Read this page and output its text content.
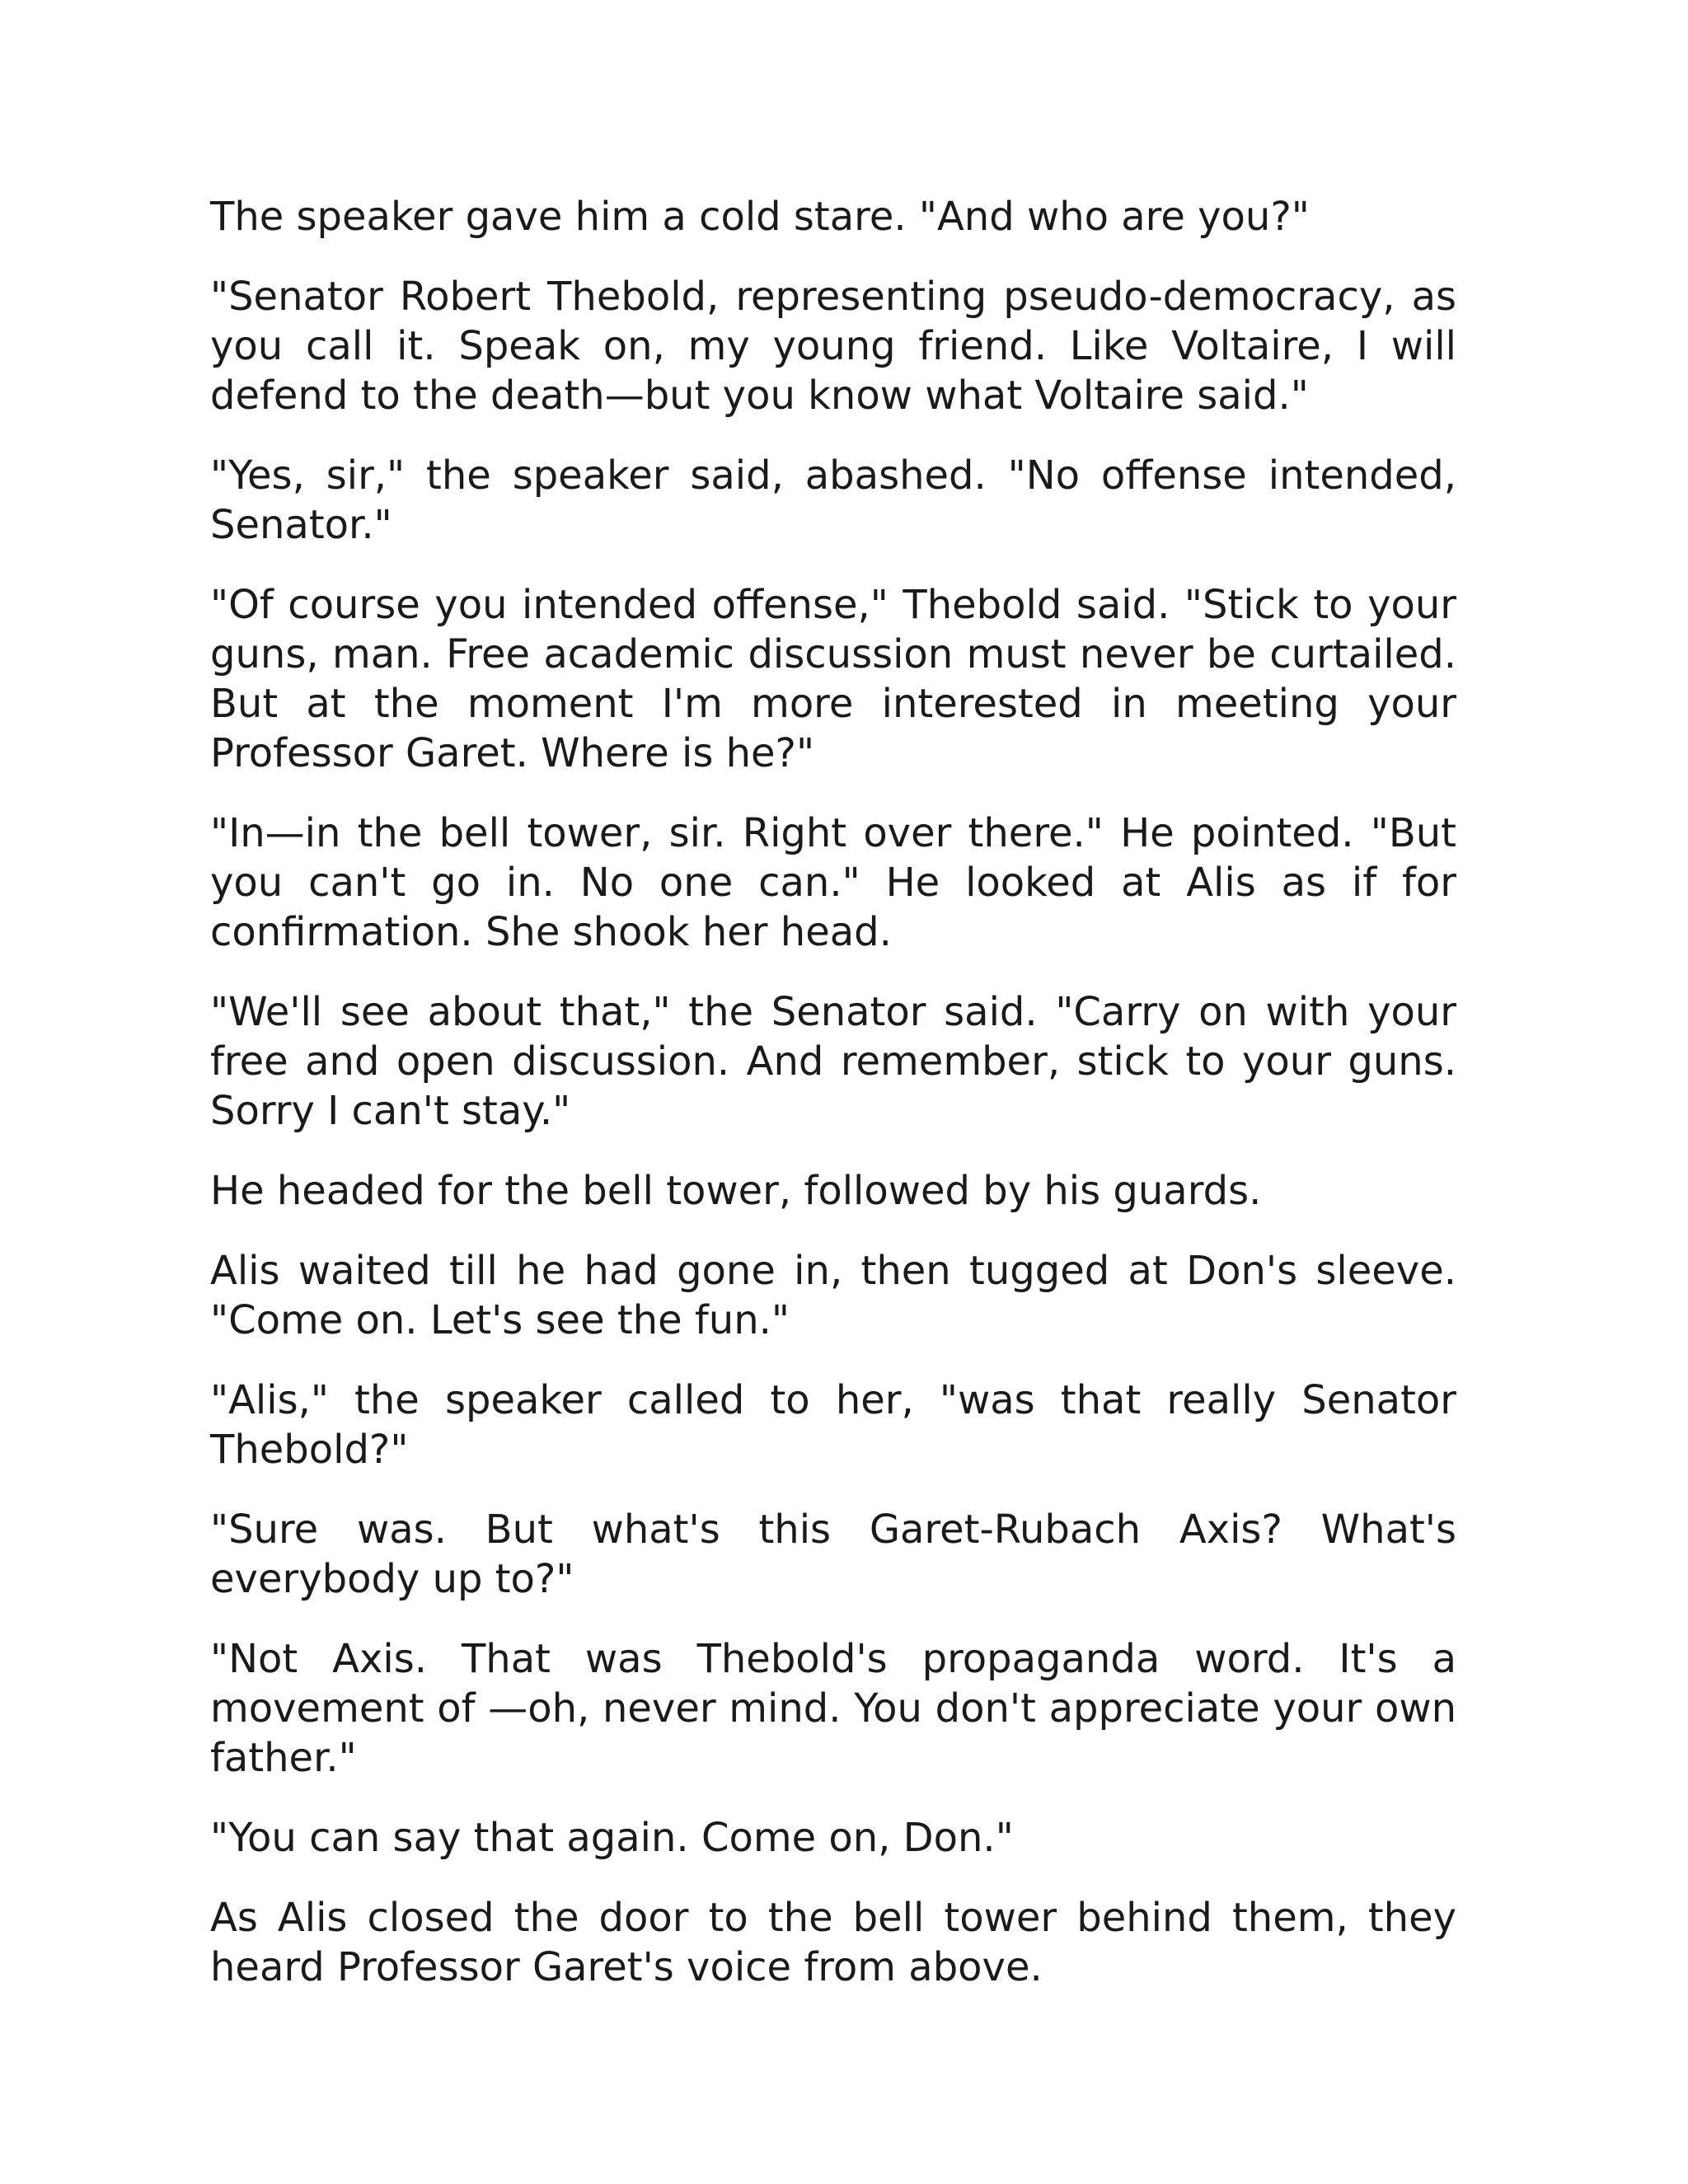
The speaker gave him a cold stare. "And who are you?"

"Senator Robert Thebold, representing pseudo-democracy, as you call it. Speak on, my young friend. Like Voltaire, I will defend to the death—but you know what Voltaire said."

"Yes, sir," the speaker said, abashed. "No offense intended, Senator."

"Of course you intended offense," Thebold said. "Stick to your guns, man. Free academic discussion must never be curtailed. But at the moment I'm more interested in meeting your Professor Garet. Where is he?"

"In—in the bell tower, sir. Right over there." He pointed. "But you can't go in. No one can." He looked at Alis as if for confirmation. She shook her head.

"We'll see about that," the Senator said. "Carry on with your free and open discussion. And remember, stick to your guns. Sorry I can't stay."

He headed for the bell tower, followed by his guards.

Alis waited till he had gone in, then tugged at Don's sleeve. "Come on. Let's see the fun."

"Alis," the speaker called to her, "was that really Senator Thebold?"

"Sure was. But what's this Garet-Rubach Axis? What's everybody up to?"

"Not Axis. That was Thebold's propaganda word. It's a movement of —oh, never mind. You don't appreciate your own father."

"You can say that again. Come on, Don."

As Alis closed the door to the bell tower behind them, they heard Professor Garet's voice from above.
